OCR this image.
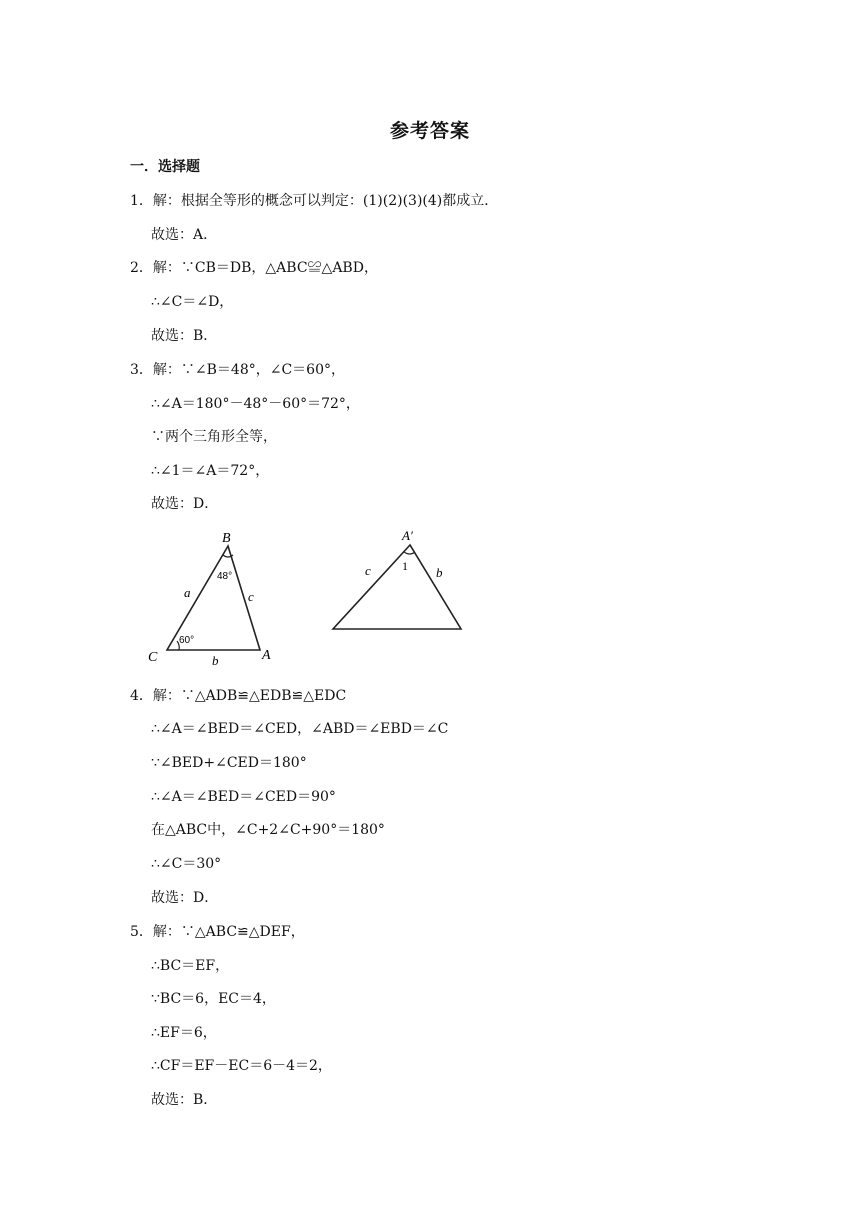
参考答案
一．选择题
1．解：根据全等形的概念可以判定：(1)(2)(3)(4)都成立．
故选：A．
2．解：∵CB＝DB，△ABC≌△ABD，
∴∠C＝∠D，
故选：B．
3．解：∵∠B＝48°，∠C＝60°，
∴∠A＝180°－48°－60°＝72°，
∵两个三角形全等，
∴∠1＝∠A＝72°，
故选：D．
B
C	A
a	c
b
48°
60°
A′
c	b
1
4．解：∵△ADB≌△EDB≌△EDC
∴∠A＝∠BED＝∠CED，∠ABD＝∠EBD＝∠C
∵∠BED+∠CED＝180°
∴∠A＝∠BED＝∠CED＝90°
在△ABC中，∠C+2∠C+90°＝180°
∴∠C＝30°
故选：D．
5．解：∵△ABC≌△DEF，
∴BC＝EF，
∵BC＝6，EC＝4，
∴EF＝6，
∴CF＝EF－EC＝6－4＝2，
故选：B．
